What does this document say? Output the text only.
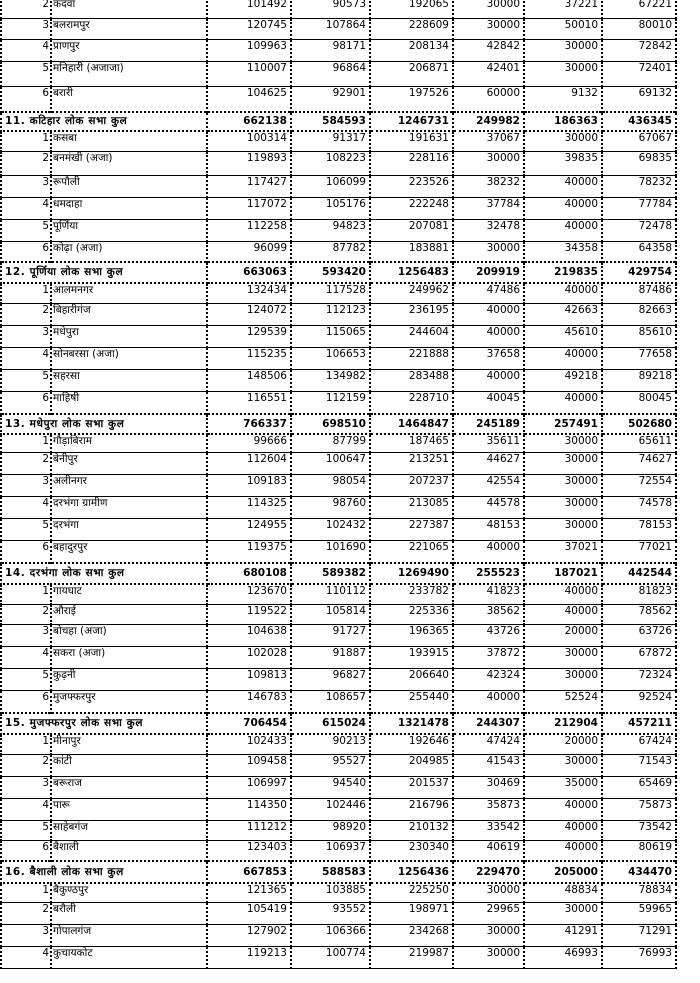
2	कदवा	101492	90573	192065	30000	37221	67221
3	बलरामपुर	120745	107864	228609	30000	50010	80010
4	प्राणपुर	109963	98171	208134	42842	30000	72842
5	मनिहारी (अजाजा)	110007	96864	206871	42401	30000	72401
6	बरारी	104625	92901	197526	60000	9132	69132
11. कटिहार लोक सभा कुल		662138	584593	1246731	249982	186363	436345
1	कसबा	100314	91317	191631	37067	30000	67067
2	बनमंखी (अजा)	119893	108223	228116	30000	39835	69835
3	रूपौली	117427	106099	223526	38232	40000	78232
4	धमदाहा	117072	105176	222248	37784	40000	77784
5	पूर्णिया	112258	94823	207081	32478	40000	72478
6	कोढ़ा (अजा)	96099	87782	183881	30000	34358	64358
12. पूर्णिया लोक सभा कुल		663063	593420	1256483	209919	219835	429754
1	आलमनगर	132434	117528	249962	47486	40000	87486
2	बिहारीगंज	124072	112123	236195	40000	42663	82663
3	मधेपुरा	129539	115065	244604	40000	45610	85610
4	सोनबरसा (अजा)	115235	106653	221888	37658	40000	77658
5	सहरसा	148506	134982	283488	40000	49218	89218
6	माहिषी	116551	112159	228710	40045	40000	80045
13. मधेपुरा लोक सभा कुल		766337	698510	1464847	245189	257491	502680
1	गौड़ाबिराम	99666	87799	187465	35611	30000	65611
2	बेनीपुर	112604	100647	213251	44627	30000	74627
3	अलीनगर	109183	98054	207237	42554	30000	72554
4	दरभंगा ग्रामीण	114325	98760	213085	44578	30000	74578
5	दरभंगा	124955	102432	227387	48153	30000	78153
6	बहादुरपुर	119375	101690	221065	40000	37021	77021
14. दरभंगा लोक सभा कुल		680108	589382	1269490	255523	187021	442544
1	गायघाट	123670	110112	233782	41823	40000	81823
2	औराई	119522	105814	225336	38562	40000	78562
3	बोचहा (अजा)	104638	91727	196365	43726	20000	63726
4	सकरा (अजा)	102028	91887	193915	37872	30000	67872
5	कुढ़नी	109813	96827	206640	42324	30000	72324
6	मुजफ्फरपुर	146783	108657	255440	40000	52524	92524
15. मुजफ्फरपुर लोक सभा कुल		706454	615024	1321478	244307	212904	457211
1	मीनापुर	102433	90213	192646	47424	20000	67424
2	कांटी	109458	95527	204985	41543	30000	71543
3	बरूराज	106997	94540	201537	30469	35000	65469
4	पारू	114350	102446	216796	35873	40000	75873
5	साहेबगंज	111212	98920	210132	33542	40000	73542
6	बैशाली	123403	106937	230340	40619	40000	80619
16. बैशाली लोक सभा कुल		667853	588583	1256436	229470	205000	434470
1	बैकुण्ठपुर	121365	103885	225250	30000	48834	78834
2	बरौली	105419	93552	198971	29965	30000	59965
3	गोपालगंज	127902	106366	234268	30000	41291	71291
4	कुचायकोट	119213	100774	219987	30000	46993	76993
